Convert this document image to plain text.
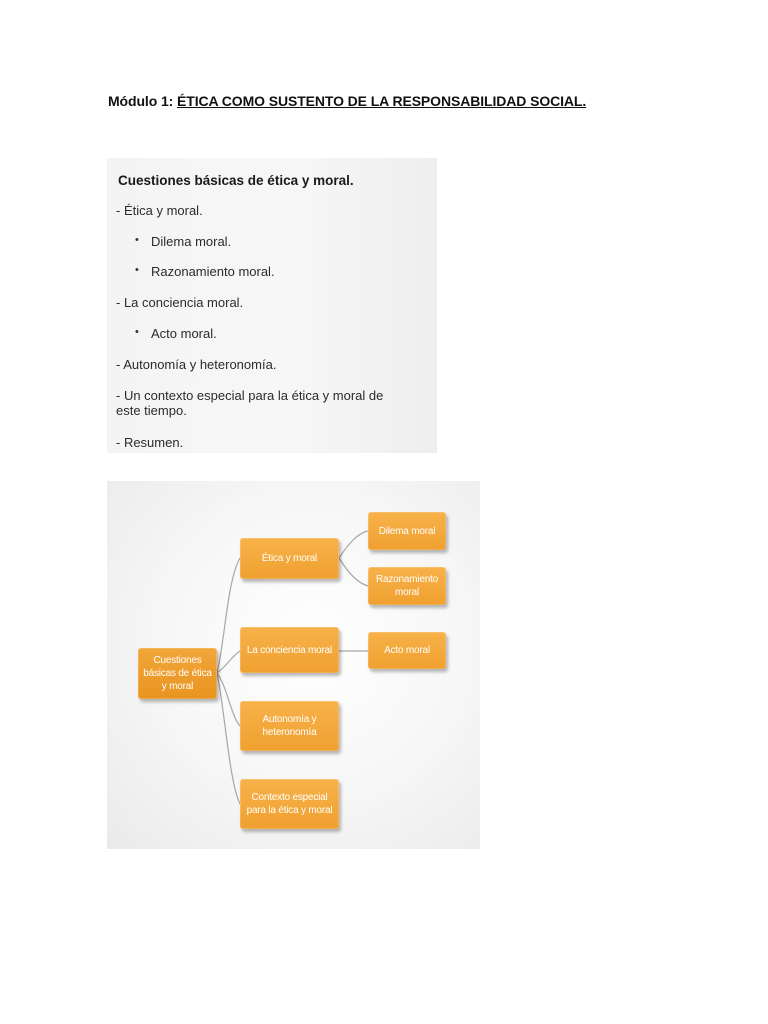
Módulo 1: ÉTICA COMO SUSTENTO DE LA RESPONSABILIDAD SOCIAL.
Cuestiones básicas de ética y moral.
- Ética y moral.
• Dilema moral.
• Razonamiento moral.
- La conciencia moral.
• Acto moral.
- Autonomía y heteronomía.
- Un contexto especial para la ética y moral de
este tiempo.
- Resumen.
Cuestiones básicas de ética y moral
Ética y moral
La conciencia moral
Autonomía y heteronomía
Contexto especial para la ética y moral
Dilema moral
Razonamiento moral
Acto moral
